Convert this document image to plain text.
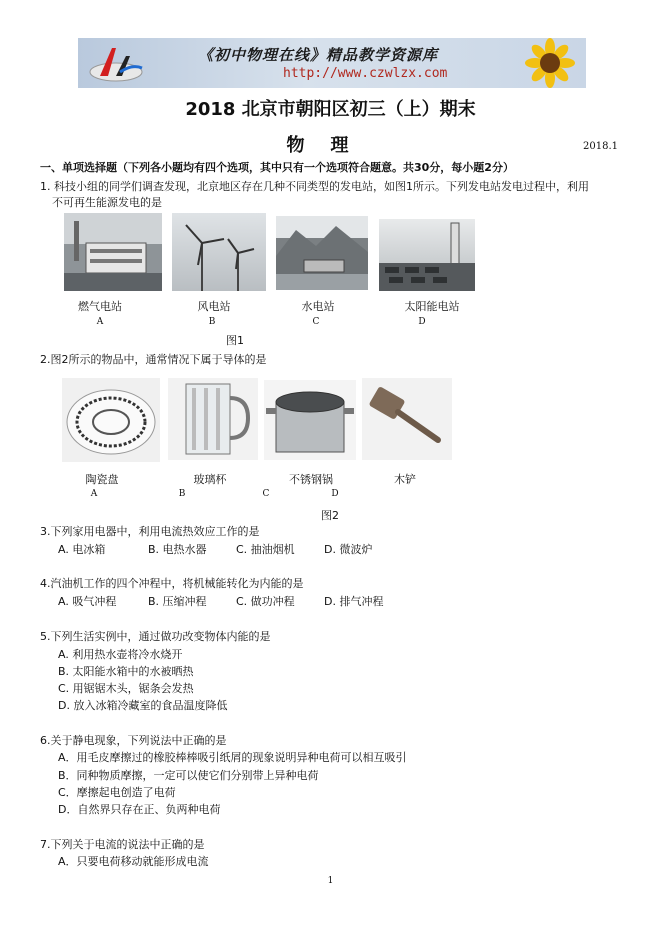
《初中物理在线》精品教学资源库
http://www.czwlzx.com
2018 北京市朝阳区初三（上）期末
物理	2018.1
一、单项选择题（下列各小题均有四个选项，其中只有一个选项符合题意。共30分，每小题2分）
1. 科技小组的同学们调查发现，北京地区存在几种不同类型的发电站，如图1所示。下列发电站发电过程中，利用
不可再生能源发电的是
燃气电站	风电站	水电站	太阳能电站
A	B	C	D
图1
2.图2所示的物品中，通常情况下属于导体的是
陶瓷盘	玻璃杯	不锈钢锅	木铲
A	B	C	D
图2
3.下列家用电器中，利用电流热效应工作的是
A. 电冰箱	B. 电热水器	C. 抽油烟机	D. 微波炉
4.汽油机工作的四个冲程中，将机械能转化为内能的是
A. 吸气冲程	B. 压缩冲程	C. 做功冲程	D. 排气冲程
5.下列生活实例中，通过做功改变物体内能的是
A. 利用热水壶将冷水烧开
B. 太阳能水箱中的水被晒热
C. 用锯锯木头，锯条会发热
D. 放入冰箱冷藏室的食品温度降低
6.关于静电现象，下列说法中正确的是
A．用毛皮摩擦过的橡胶棒棒吸引纸屑的现象说明异种电荷可以相互吸引
B．同种物质摩擦，一定可以使它们分别带上异种电荷
C．摩擦起电创造了电荷
D．自然界只存在正、负两种电荷
7.下列关于电流的说法中正确的是
A．只要电荷移动就能形成电流
1
